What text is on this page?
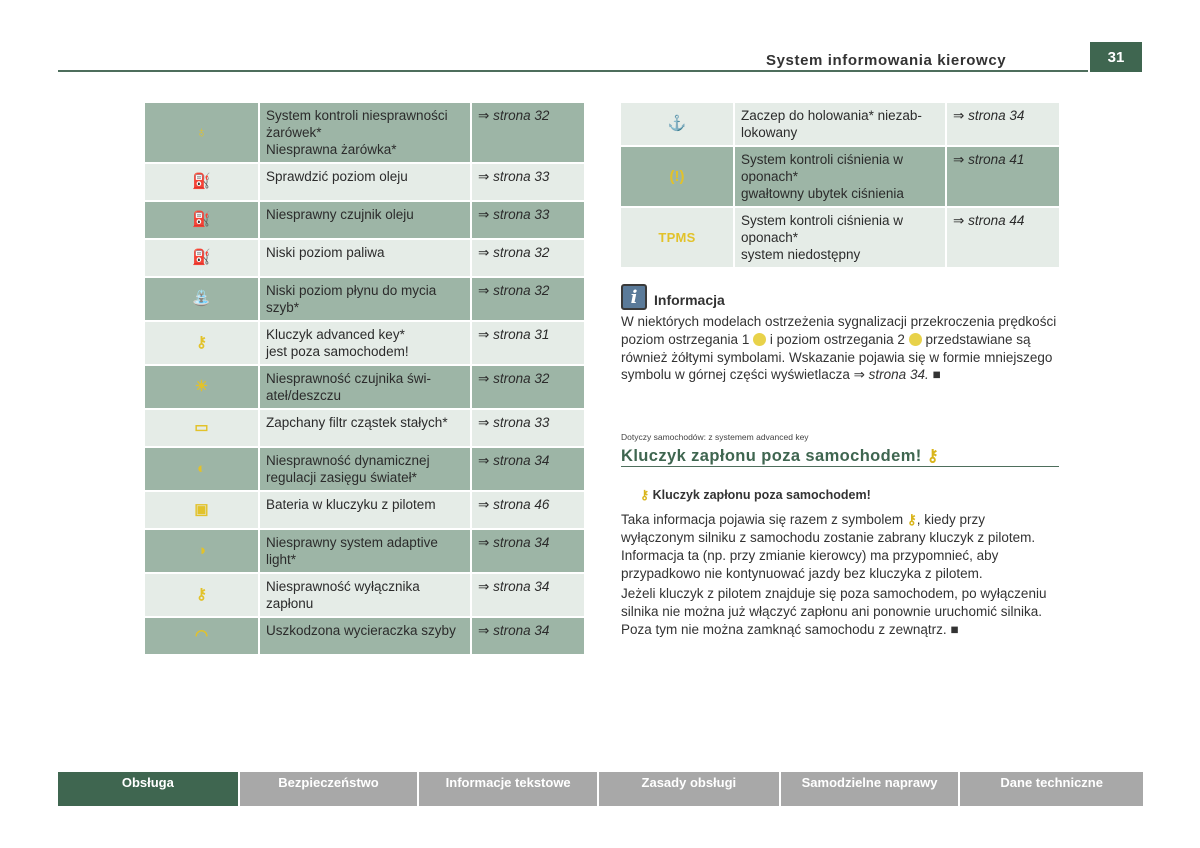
System informowania kierowcy	31
♁	System kontroli niesprawności
żarówek*
Niesprawna żarówka*	⇒ strona 32
⛽	Sprawdzić poziom oleju	⇒ strona 33
⛽	Niesprawny czujnik oleju	⇒ strona 33
⛽	Niski poziom paliwa	⇒ strona 32
⛲	Niski poziom płynu do mycia
szyb*	⇒ strona 32
⚷	Kluczyk advanced key*
jest poza samochodem!	⇒ strona 31
☀	Niesprawność czujnika świ-
ateł/deszczu	⇒ strona 32
▭	Zapchany filtr cząstek stałych*	⇒ strona 33
◐	Niesprawność dynamicznej
regulacji zasięgu świateł*	⇒ strona 34
▣	Bateria w kluczyku z pilotem	⇒ strona 46
◑	Niesprawny system adaptive
light*	⇒ strona 34
⚷	Niesprawność wyłącznika
zapłonu	⇒ strona 34
◠	Uszkodzona wycieraczka szyby	⇒ strona 34
⚓	Zaczep do holowania* niezab-
lokowany	⇒ strona 34
(!)	System kontroli ciśnienia w
oponach*
gwałtowny ubytek ciśnienia	⇒ strona 41
TPMS	System kontroli ciśnienia w
oponach*
system niedostępny	⇒ strona 44
i	Informacja
W niektórych modelach ostrzeżenia sygnalizacji przekroczenia prędkości poziom ostrzegania 1 i poziom ostrzegania 2 przedstawiane są również żółtymi symbolami. Wskazanie pojawia się w formie mniejszego symbolu w górnej części wyświetlacza ⇒ strona 34. ■
Dotyczy samochodów: z systemem advanced key
Kluczyk zapłonu poza samochodem! ⚷
⚷ Kluczyk zapłonu poza samochodem!
Taka informacja pojawia się razem z symbolem ⚷, kiedy przy wyłączonym silniku z samochodu zostanie zabrany kluczyk z pilotem. Informacja ta (np. przy zmianie kierowcy) ma przypomnieć, aby przypadkowo nie kontynuować jazdy bez kluczyka z pilotem.
Jeżeli kluczyk z pilotem znajduje się poza samochodem, po wyłączeniu silnika nie można już włączyć zapłonu ani ponownie uruchomić silnika. Poza tym nie można zamknąć samochodu z zewnątrz. ■
Obsługa	Bezpieczeństwo	Informacje tekstowe	Zasady obsługi	Samodzielne naprawy	Dane techniczne
